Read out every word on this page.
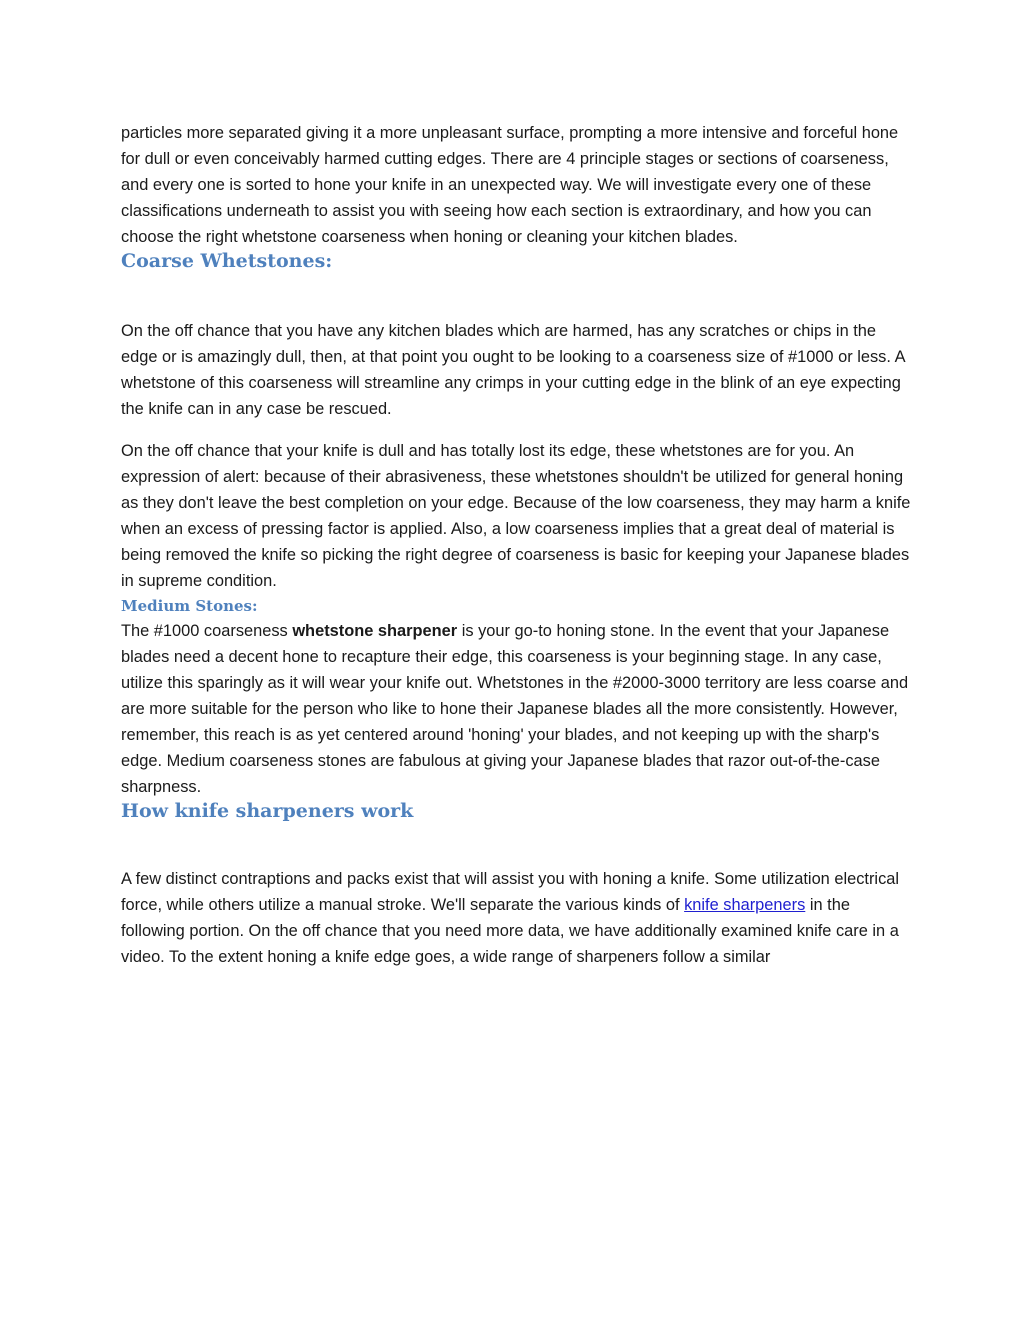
particles more separated giving it a more unpleasant surface, prompting a more intensive and forceful hone for dull or even conceivably harmed cutting edges. There are 4 principle stages or sections of coarseness, and every one is sorted to hone your knife in an unexpected way. We will investigate every one of these classifications underneath to assist you with seeing how each section is extraordinary, and how you can choose the right whetstone coarseness when honing or cleaning your kitchen blades.

Coarse Whetstones:

On the off chance that you have any kitchen blades which are harmed, has any scratches or chips in the edge or is amazingly dull, then, at that point you ought to be looking to a coarseness size of #1000 or less. A whetstone of this coarseness will streamline any crimps in your cutting edge in the blink of an eye expecting the knife can in any case be rescued.

On the off chance that your knife is dull and has totally lost its edge, these whetstones are for you. An expression of alert: because of their abrasiveness, these whetstones shouldn't be utilized for general honing as they don't leave the best completion on your edge. Because of the low coarseness, they may harm a knife when an excess of pressing factor is applied. Also, a low coarseness implies that a great deal of material is being removed the knife so picking the right degree of coarseness is basic for keeping your Japanese blades in supreme condition.

Medium Stones:

The #1000 coarseness whetstone sharpener is your go-to honing stone. In the event that your Japanese blades need a decent hone to recapture their edge, this coarseness is your beginning stage. In any case, utilize this sparingly as it will wear your knife out. Whetstones in the #2000-3000 territory are less coarse and are more suitable for the person who like to hone their Japanese blades all the more consistently. However, remember, this reach is as yet centered around 'honing' your blades, and not keeping up with the sharp's edge. Medium coarseness stones are fabulous at giving your Japanese blades that razor out-of-the-case sharpness.

How knife sharpeners work

A few distinct contraptions and packs exist that will assist you with honing a knife. Some utilization electrical force, while others utilize a manual stroke. We'll separate the various kinds of knife sharpeners in the following portion. On the off chance that you need more data, we have additionally examined knife care in a video. To the extent honing a knife edge goes, a wide range of sharpeners follow a similar
